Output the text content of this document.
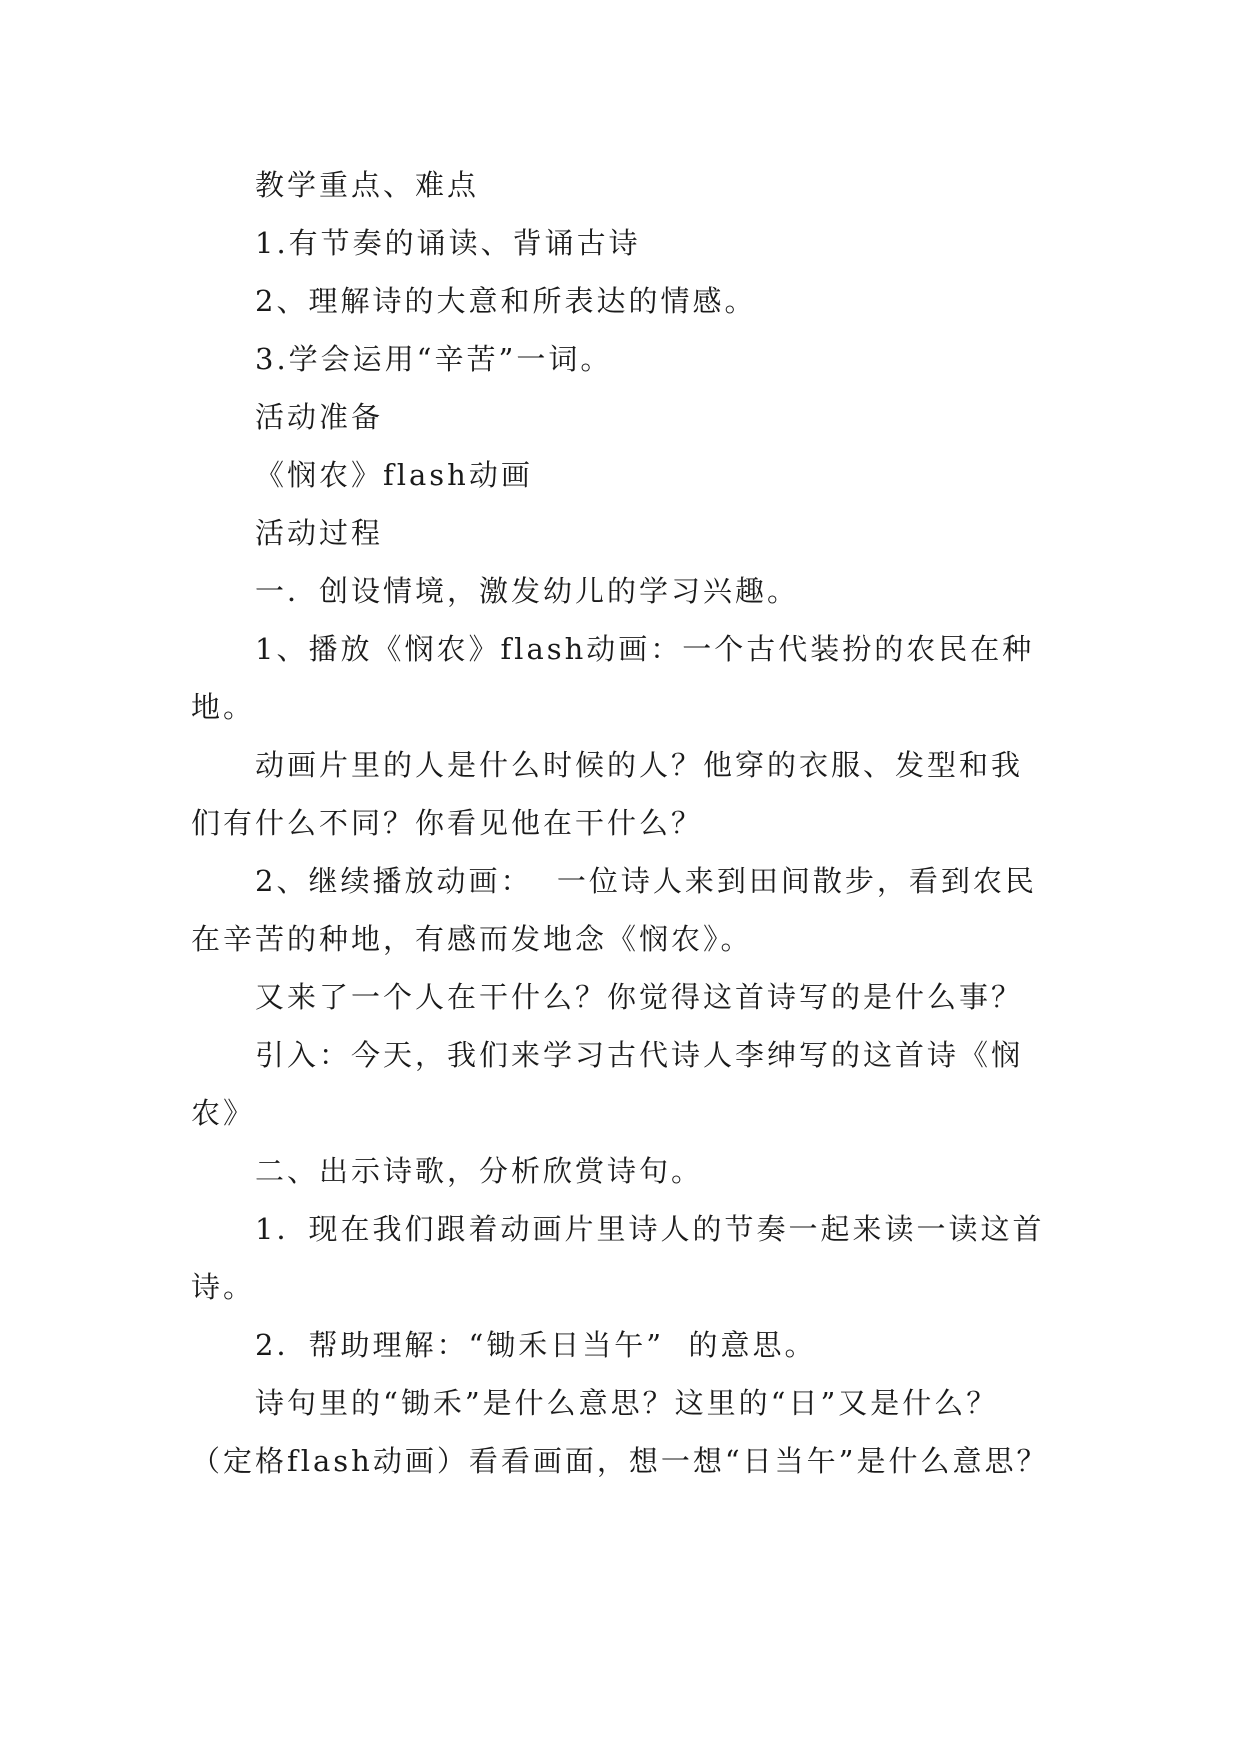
教学重点、难点

1.有节奏的诵读、背诵古诗

2、理解诗的大意和所表达的情感。

3.学会运用“辛苦”一词。

活动准备

《悯农》flash动画

活动过程

一．创设情境，激发幼儿的学习兴趣。

1、播放《悯农》flash动画：一个古代装扮的农民在种地。

动画片里的人是什么时候的人？他穿的衣服、发型和我们有什么不同？你看见他在干什么？

2、继续播放动画：  一位诗人来到田间散步，看到农民在辛苦的种地，有感而发地念《悯农》。

又来了一个人在干什么？你觉得这首诗写的是什么事？

引入：今天，我们来学习古代诗人李绅写的这首诗《悯农》

二、出示诗歌，分析欣赏诗句。

1．现在我们跟着动画片里诗人的节奏一起来读一读这首诗。

2．帮助理解：“锄禾日当午”  的意思。

诗句里的“锄禾”是什么意思？这里的“日”又是什么？（定格flash动画）看看画面，想一想“日当午”是什么意思？
